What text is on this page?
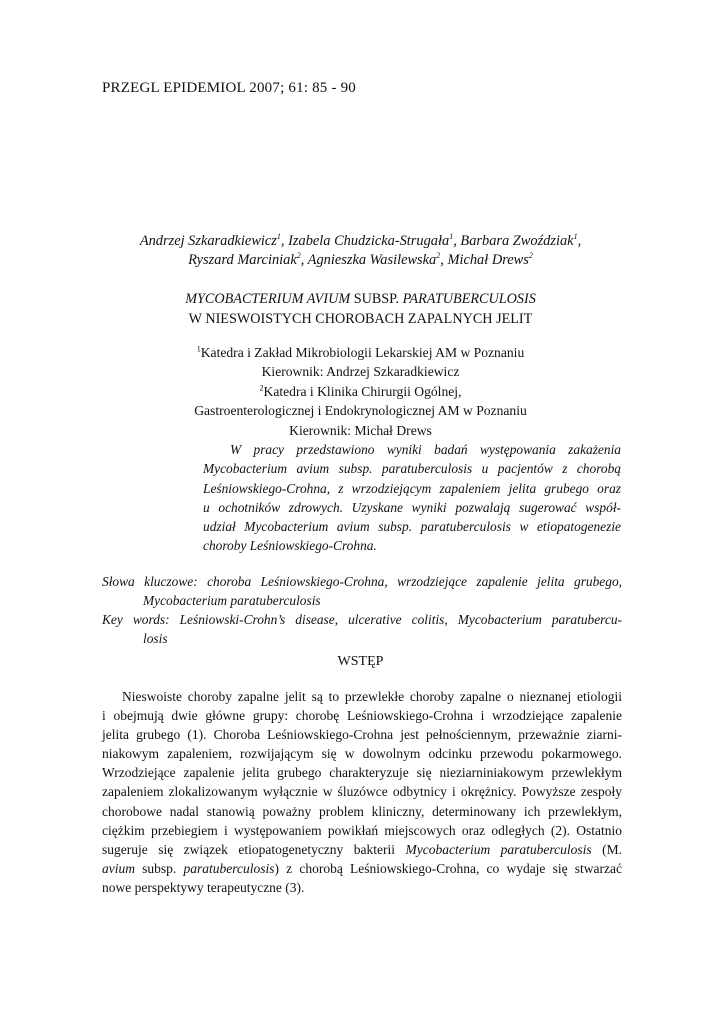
PRZEGL EPIDEMIOL 2007; 61: 85 - 90
Andrzej Szkaradkiewicz$^1$, Izabela Chudzicka-Strugała$^1$, Barbara Zwoździak$^1$,
Ryszard Marciniak$^2$, Agnieszka Wasilewska$^2$, Michał Drews$^2$
MYCOBACTERIUM AVIUM SUBSP. PARATUBERCULOSIS
W NIESWOISTYCH CHOROBACH ZAPALNYCH JELIT
$^1$Katedra i Zakład Mikrobiologii Lekarskiej AM w Poznaniu
Kierownik: Andrzej Szkaradkiewicz
$^2$Katedra i Klinika Chirurgii Ogólnej,
Gastroenterologicznej i Endokrynologicznej AM w Poznaniu
Kierownik: Michał Drews
W pracy przedstawiono wyniki badań występowania zakażenia
Mycobacterium avium subsp. paratuberculosis u pacjentów z chorobą
Leśniowskiego-Crohna, z wrzodziejącym zapaleniem jelita grubego oraz
u ochotników zdrowych. Uzyskane wyniki pozwalają sugerować współ-
udział Mycobacterium avium subsp. paratuberculosis w etiopatogenezie
choroby Leśniowskiego-Crohna.
Słowa kluczowe: choroba Leśniowskiego-Crohna, wrzodziejące zapalenie jelita grubego,
Mycobacterium paratuberculosis
Key words: Leśniowski-Crohn’s disease, ulcerative colitis, Mycobacterium paratubercu-
losis
WSTĘP
Nieswoiste choroby zapalne jelit są to przewlekłe choroby zapalne o nieznanej etiologii
i obejmują dwie główne grupy: chorobę Leśniowskiego-Crohna i wrzodziejące zapalenie
jelita grubego (1). Choroba Leśniowskiego-Crohna jest pełnościennym, przeważnie ziarni-
niakowym zapaleniem, rozwijającym się w dowolnym odcinku przewodu pokarmowego.
Wrzodziejące zapalenie jelita grubego charakteryzuje się nieziarniniakowym przewlekłym
zapaleniem zlokalizowanym wyłącznie w śluzówce odbytnicy i okrężnicy. Powyższe zespoły
chorobowe nadal stanowią poważny problem kliniczny, determinowany ich przewlekłym,
ciężkim przebiegiem i występowaniem powikłań miejscowych oraz odległych (2). Ostatnio
sugeruje się związek etiopatogenetyczny bakterii Mycobacterium paratuberculosis (M.
avium subsp. paratuberculosis) z chorobą Leśniowskiego-Crohna, co wydaje się stwarzać
nowe perspektywy terapeutyczne (3).
